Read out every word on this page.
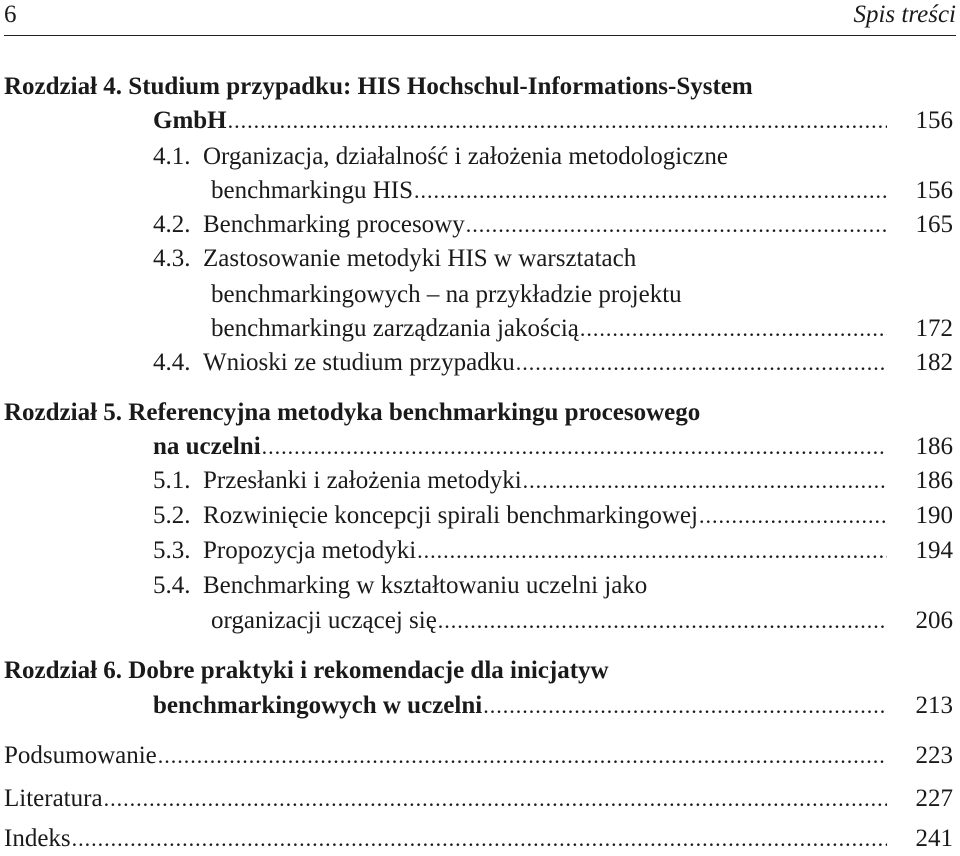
6	Spis treści
Rozdział 4. Studium przypadku: HIS Hochschul-Informations-System
GmbH .....	156
4.1. Organizacja, działalność i założenia metodologiczne
benchmarkingu HIS .....	156
4.2. Benchmarking procesowy .....	165
4.3. Zastosowanie metodyki HIS w warsztatach
benchmarkingowych – na przykładzie projektu
benchmarkingu zarządzania jakością .....	172
4.4. Wnioski ze studium przypadku .....	182
Rozdział 5. Referencyjna metodyka benchmarkingu procesowego
na uczelni .....	186
5.1. Przesłanki i założenia metodyki .....	186
5.2. Rozwinięcie koncepcji spirali benchmarkingowej .....	190
5.3. Propozycja metodyki .....	194
5.4. Benchmarking w kształtowaniu uczelni jako
organizacji uczącej się .....	206
Rozdział 6. Dobre praktyki i rekomendacje dla inicjatyw
benchmarkingowych w uczelni .....	213
Podsumowanie .....	223
Literatura .....	227
Indeks .....	241
